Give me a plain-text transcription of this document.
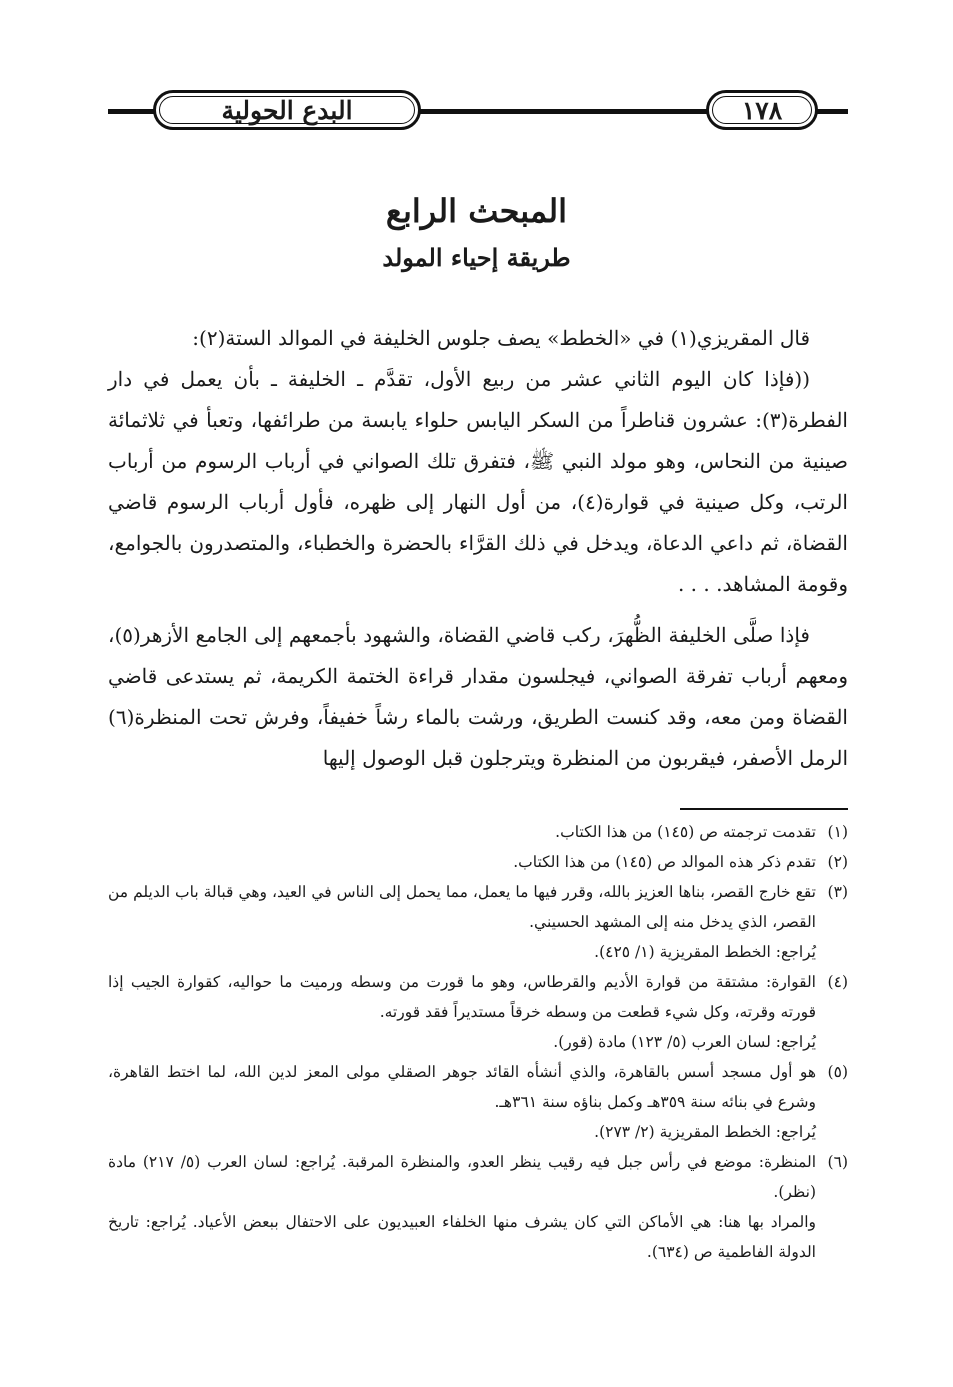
البدع الحولية	١٧٨
المبحث الرابع
طريقة إحياء المولد

قال المقريزي(١) في «الخطط» يصف جلوس الخليفة في الموالد الستة(٢):

((فإذا كان اليوم الثاني عشر من ربيع الأول، تقدَّم ـ الخليفة ـ بأن يعمل في دار الفطرة(٣): عشرون قناطراً من السكر اليابس حلواء يابسة من طرائفها، وتعبأ في ثلاثمائة صينية من النحاس، وهو مولد النبي ﷺ، فتفرق تلك الصواني في أرباب الرسوم من أرباب الرتب، وكل صينية في قوارة(٤)، من أول النهار إلى ظهره، فأول أرباب الرسوم قاضي القضاة، ثم داعي الدعاة، ويدخل في ذلك القرَّاء بالحضرة والخطباء، والمتصدرون بالجوامع، وقومة المشاهد. . . .

فإذا صلَّى الخليفة الظُّهرَ، ركب قاضي القضاة، والشهود بأجمعهم إلى الجامع الأزهر(٥)، ومعهم أرباب تفرقة الصواني، فيجلسون مقدار قراءة الختمة الكريمة، ثم يستدعى قاضي القضاة ومن معه، وقد كنست الطريق، ورشت بالماء رشاً خفيفاً، وفرش تحت المنظرة(٦) الرمل الأصفر، فيقربون من المنظرة ويترجلون قبل الوصول إليها

(١)
تقدمت ترجمته ص (١٤٥) من هذا الكتاب.
(٢)
تقدم ذكر هذه الموالد ص (١٤٥) من هذا الكتاب.
(٣)
تقع خارج القصر، بناها العزيز بالله، وقرر فيها ما يعمل، مما يحمل إلى الناس في العيد، وهي قبالة باب الديلم من القصر، الذي يدخل منه إلى المشهد الحسيني.
يُراجع: الخطط المقريزية (١/ ٤٢٥).
(٤)
القوارة: مشتقة من قوارة الأديم والقرطاس، وهو ما قورت من وسطه ورميت ما حواليه، كقوارة الجيب إذا قورته وقرته، وكل شيء قطعت من وسطه خرقاً مستديراً فقد قورته.
يُراجع: لسان العرب (٥/ ١٢٣) مادة (قور).
(٥)
هو أول مسجد أسس بالقاهرة، والذي أنشأه القائد جوهر الصقلي مولى المعز لدين الله، لما اختط القاهرة، وشرع في بنائه سنة ٣٥٩هـ وكمل بناؤه سنة ٣٦١هـ.
يُراجع: الخطط المقريزية (٢/ ٢٧٣).
(٦)
المنظرة: موضع في رأس جبل فيه رقيب ينظر العدو، والمنظرة المرقبة. يُراجع: لسان العرب (٥/ ٢١٧) مادة (نظر).
والمراد بها هنا: هي الأماكن التي كان يشرف منها الخلفاء العبيديون على الاحتفال ببعض الأعياد. يُراجع: تاريخ الدولة الفاطمية ص (٦٣٤).
